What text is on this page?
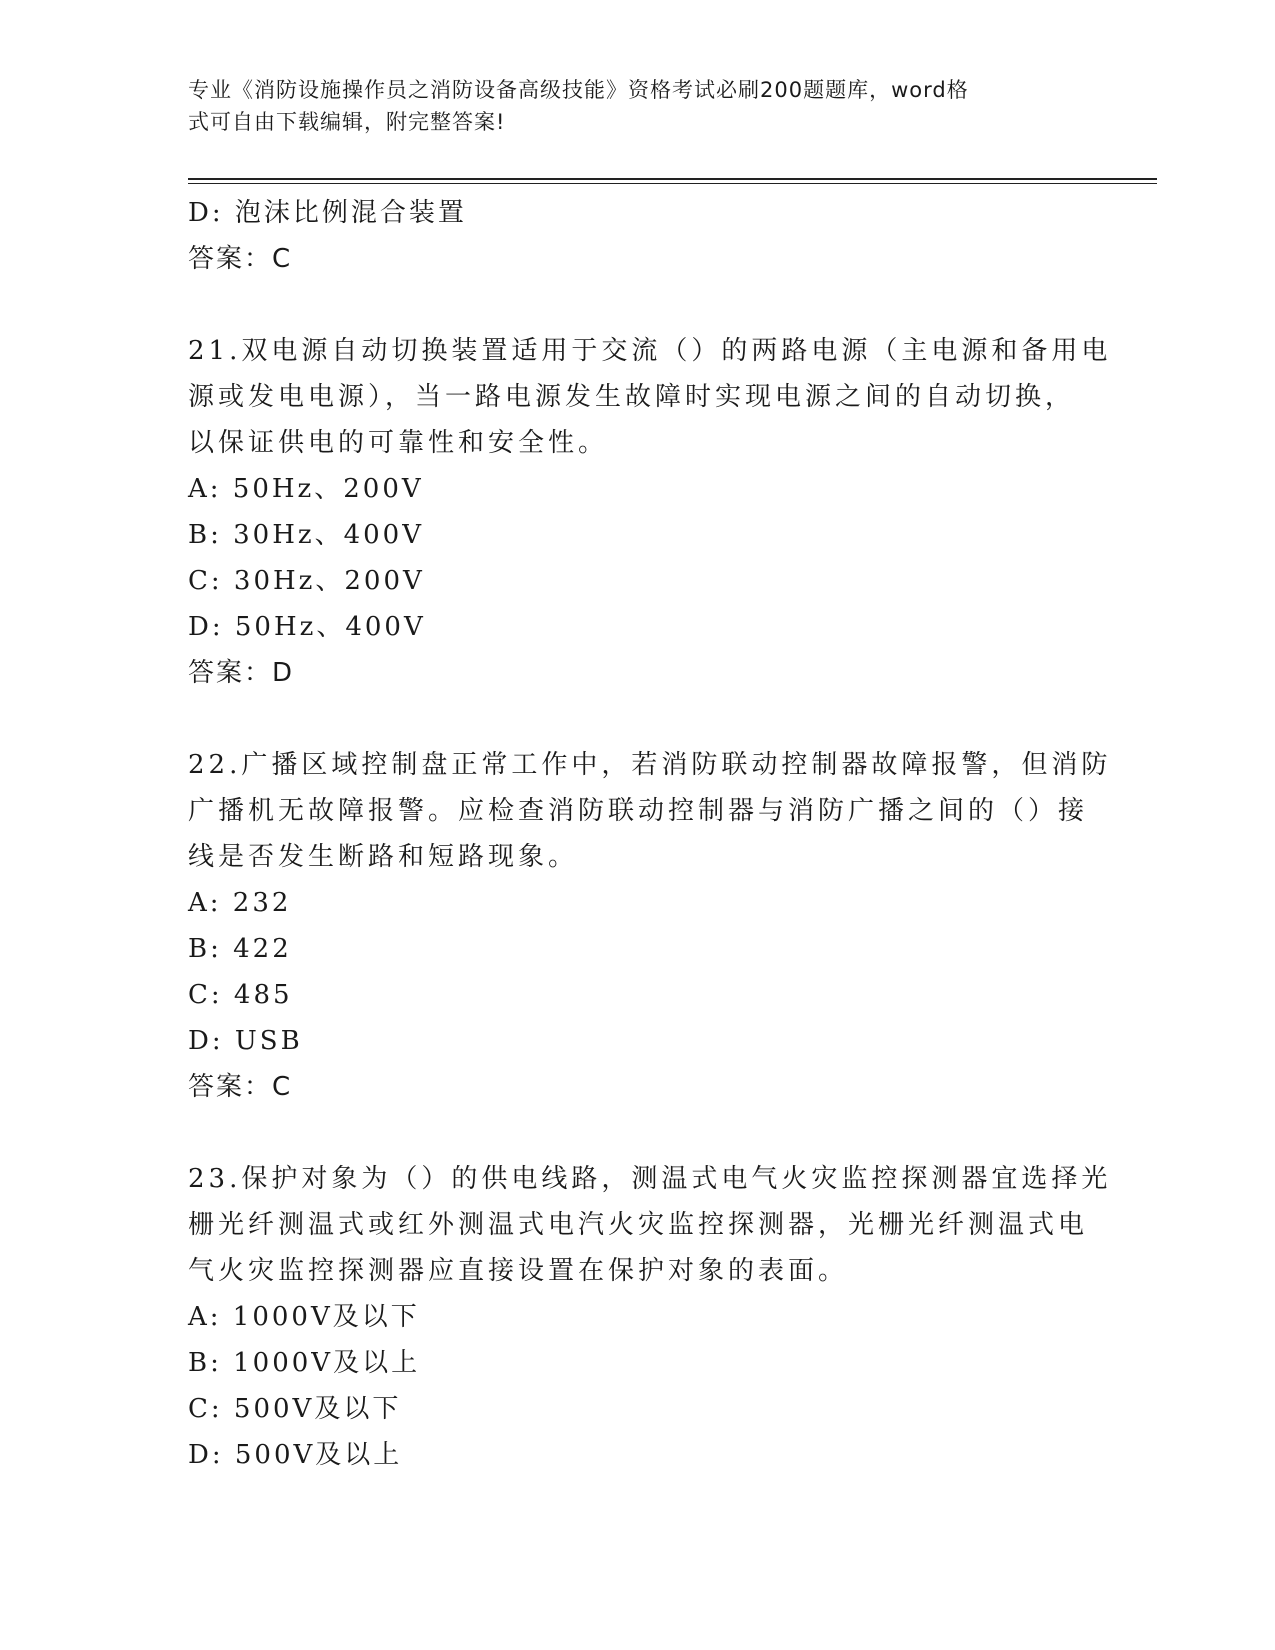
专业《消防设施操作员之消防设备高级技能》资格考试必刷200题题库，word格
式可自由下载编辑，附完整答案!
D: 泡沫比例混合装置
答案：C
21.双电源自动切换装置适用于交流（）的两路电源（主电源和备用电
源或发电电源），当一路电源发生故障时实现电源之间的自动切换，
以保证供电的可靠性和安全性。
A: 50Hz、200V
B: 30Hz、400V
C: 30Hz、200V
D: 50Hz、400V
答案：D
22.广播区域控制盘正常工作中，若消防联动控制器故障报警，但消防
广播机无故障报警。应检查消防联动控制器与消防广播之间的（）接
线是否发生断路和短路现象。
A: 232
B: 422
C: 485
D: USB
答案：C
23.保护对象为（）的供电线路，测温式电气火灾监控探测器宜选择光
栅光纤测温式或红外测温式电汽火灾监控探测器，光栅光纤测温式电
气火灾监控探测器应直接设置在保护对象的表面。
A: 1000V及以下
B: 1000V及以上
C: 500V及以下
D: 500V及以上
